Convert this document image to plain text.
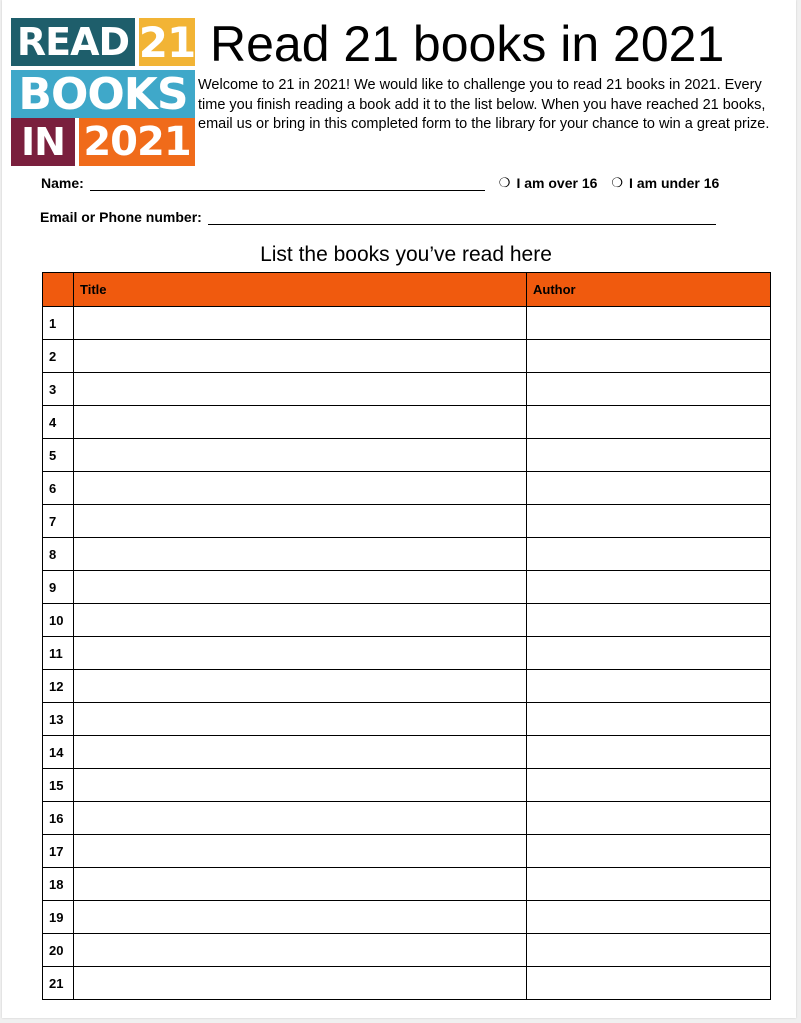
READ 21
BOOKS
IN 2021
Read 21 books in 2021
Welcome to 21 in 2021! We would like to challenge you to read 21 books in 2021. Every time you finish reading a book add it to the list below. When you have reached 21 books, email us or bring in this completed form to the library for your chance to win a great prize.
Name:	❍ I am over 16 ❍ I am under 16
Email or Phone number:
List the books you’ve read here
	Title	Author
1		
2		
3		
4		
5		
6		
7		
8		
9		
10		
11		
12		
13		
14		
15		
16		
17		
18		
19		
20		
21		
